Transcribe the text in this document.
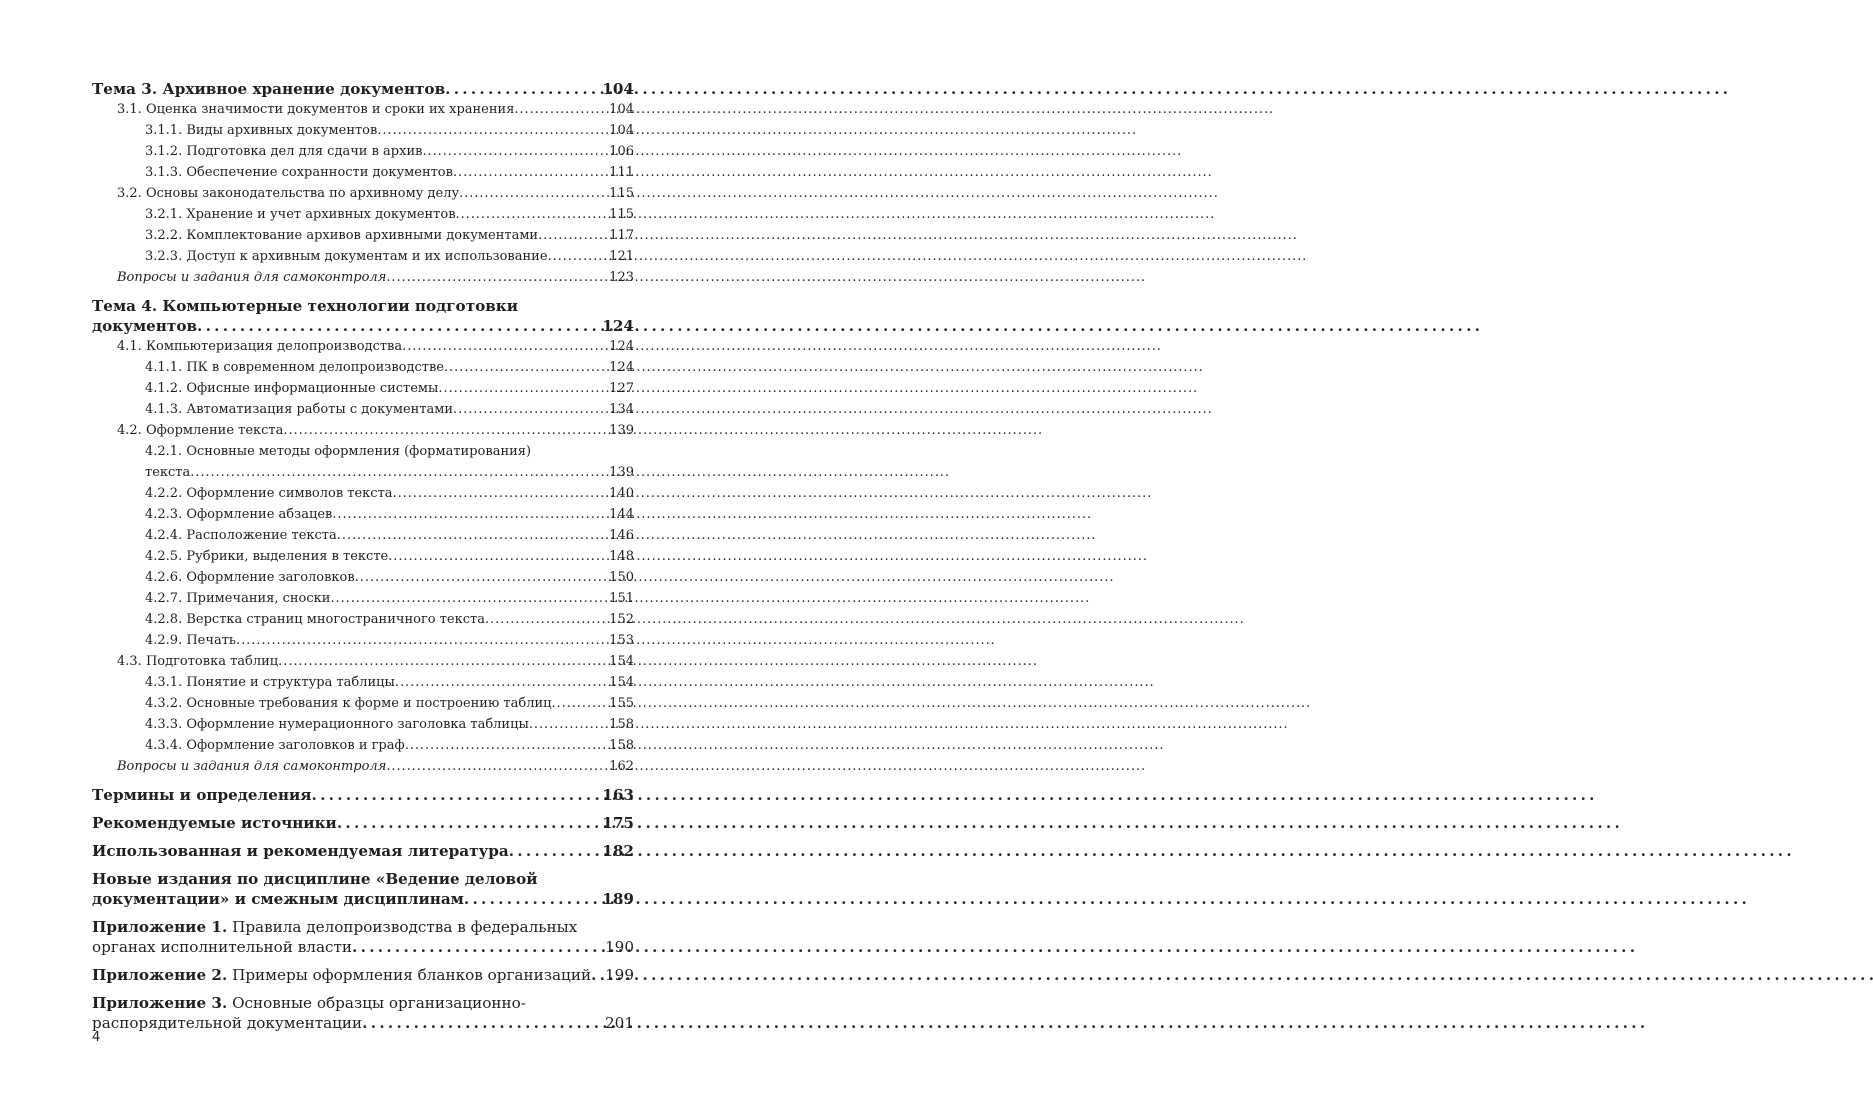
Тема 3. Архивное хранение документов . . .	104
3.1. Оценка значимости документов и сроки их хранения . . .	104
3.1.1. Виды архивных документов . . .	104
3.1.2. Подготовка дел для сдачи в архив . . .	106
3.1.3. Обеспечение сохранности документов . . .	111
3.2. Основы законодательства по архивному делу . . .	115
3.2.1. Хранение и учет архивных документов . . .	115
3.2.2. Комплектование архивов архивными документами . . .	117
3.2.3. Доступ к архивным документам и их использование . . .	121
Вопросы и задания для самоконтроля . . .	123
Тема 4. Компьютерные технологии подготовки
документов . . .	124
4.1. Компьютеризация делопроизводства . . .	124
4.1.1. ПК в современном делопроизводстве . . .	124
4.1.2. Офисные информационные системы . . .	127
4.1.3. Автоматизация работы с документами . . .	134
4.2. Оформление текста . . .	139
4.2.1. Основные методы оформления (форматирования)
текста . . .	139
4.2.2. Оформление символов текста . . .	140
4.2.3. Оформление абзацев . . .	144
4.2.4. Расположение текста . . .	146
4.2.5. Рубрики, выделения в тексте . . .	148
4.2.6. Оформление заголовков . . .	150
4.2.7. Примечания, сноски . . .	151
4.2.8. Верстка страниц многостраничного текста . . .	152
4.2.9. Печать . . .	153
4.3. Подготовка таблиц . . .	154
4.3.1. Понятие и структура таблицы . . .	154
4.3.2. Основные требования к форме и построению таблиц . . .	155
4.3.3. Оформление нумерационного заголовка таблицы . . .	158
4.3.4. Оформление заголовков и граф . . .	158
Вопросы и задания для самоконтроля . . .	162
Термины и определения . . .	163
Рекомендуемые источники . . .	175
Использованная и рекомендуемая литература . . .	182
Новые издания по дисциплине «Ведение деловой
документации» и смежным дисциплинам . . .	189
Приложение 1. Правила делопроизводства в федеральных
органах исполнительной власти . . .	190
Приложение 2. Примеры оформления бланков организаций . . . 199
Приложение 3. Основные образцы организационно-
распорядительной документации . . .	201
4
